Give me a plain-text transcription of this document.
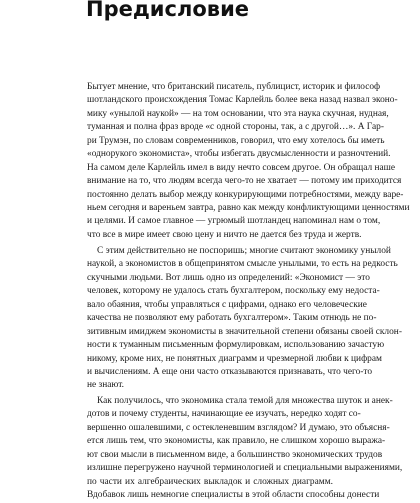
Предисловие
Бытует мнение, что британский писатель, публицист, историк и философ
шотландского происхождения Томас Карлейль более века назад назвал эконо-
мику «унылой наукой» — на том основании, что эта наука скучная, нудная,
туманная и полна фраз вроде «с одной стороны, так, а с другой…». А Гар-
ри Трумэн, по словам современников, говорил, что ему хотелось бы иметь
«однорукого экономиста», чтобы избегать двусмысленности и разночтений.
На самом деле Карлейль имел в виду нечто совсем другое. Он обращал наше
внимание на то, что людям всегда чего-то не хватает — потому им приходится
постоянно делать выбор между конкурирующими потребностями, между варе-
ньем сегодня и вареньем завтра, равно как между конфликтующими ценностями
и целями. И самое главное — угрюмый шотландец напоминал нам о том,
что все в мире имеет свою цену и ничто не дается без труда и жертв.
С этим действительно не поспоришь; многие считают экономику унылой
наукой, а экономистов в общепринятом смысле унылыми, то есть на редкость
скучными людьми. Вот лишь одно из определений: «Экономист — это
человек, которому не удалось стать бухгалтером, поскольку ему недоста-
вало обаяния, чтобы управляться с цифрами, однако его человеческие
качества не позволяют ему работать бухгалтером». Таким отнюдь не по-
зитивным имиджем экономисты в значительной степени обязаны своей склон-
ности к туманным письменным формулировкам, использованию зачастую
никому, кроме них, не понятных диаграмм и чрезмерной любви к цифрам
и вычислениям. А еще они часто отказываются признавать, что чего-то
не знают.
Как получилось, что экономика стала темой для множества шуток и анек-
дотов и почему студенты, начинающие ее изучать, нередко ходят со-
вершенно ошалевшими, с остекленевшим взглядом? И думаю, это объясня-
ется лишь тем, что экономисты, как правило, не слишком хорошо выража-
ют свои мысли в письменном виде, а большинство экономических трудов
излишне перегружено научной терминологией и специальными выражениями,
по части их алгебраических выкладок и сложных диаграмм.
Вдобавок лишь немногие специалисты в этой области способны донести
